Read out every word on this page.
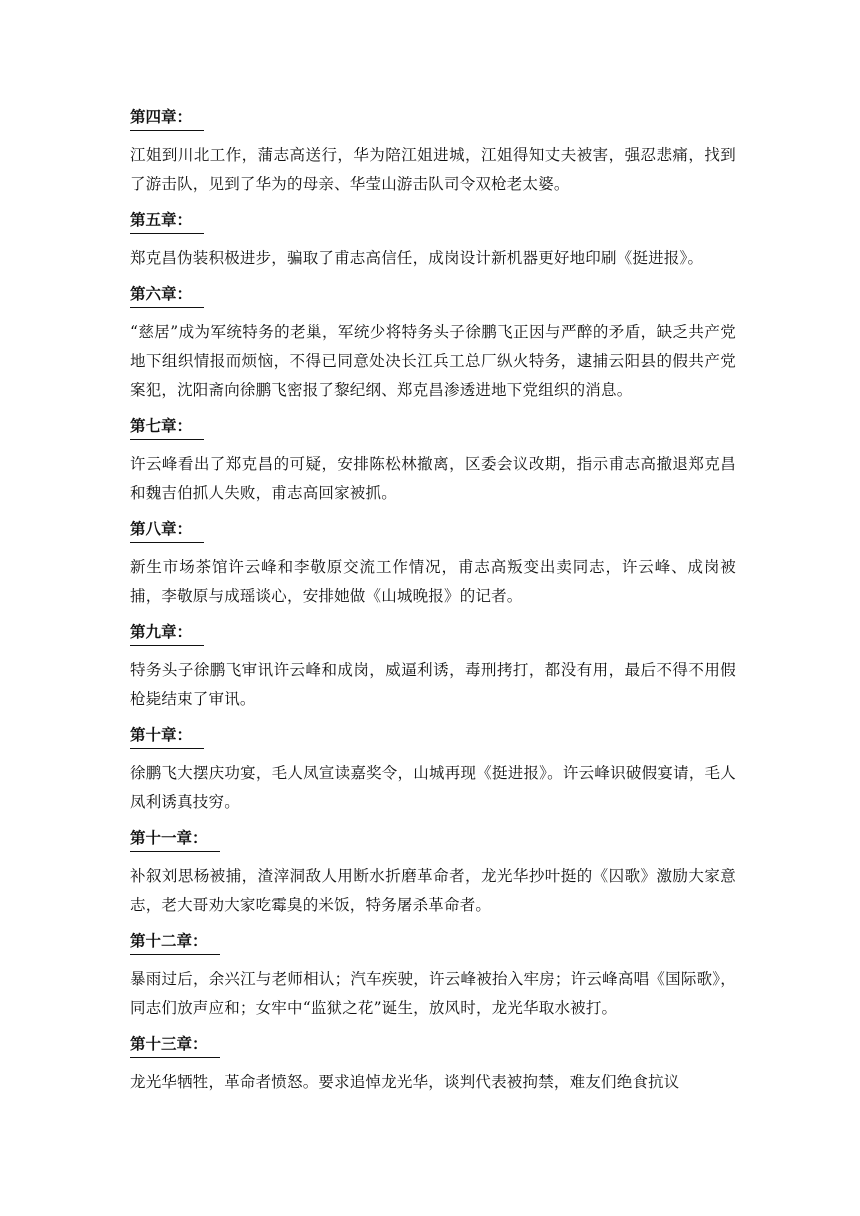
第四章：

江姐到川北工作，蒲志高送行，华为陪江姐进城，江姐得知丈夫被害，强忍悲痛，找到了游击队，见到了华为的母亲、华莹山游击队司令双枪老太婆。

第五章：

郑克昌伪装积极进步，骗取了甫志高信任，成岗设计新机器更好地印刷《挺进报》。

第六章：

“慈居”成为军统特务的老巢，军统少将特务头子徐鹏飞正因与严醉的矛盾，缺乏共产党地下组织情报而烦恼，不得已同意处决长江兵工总厂纵火特务，逮捕云阳县的假共产党案犯，沈阳斋向徐鹏飞密报了黎纪纲、郑克昌渗透进地下党组织的消息。

第七章：

许云峰看出了郑克昌的可疑，安排陈松林撤离，区委会议改期，指示甫志高撤退郑克昌和魏吉伯抓人失败，甫志高回家被抓。

第八章：

新生市场茶馆许云峰和李敬原交流工作情况，甫志高叛变出卖同志，许云峰、成岗被捕，李敬原与成瑶谈心，安排她做《山城晚报》的记者。

第九章：

特务头子徐鹏飞审讯许云峰和成岗，威逼利诱，毒刑拷打，都没有用，最后不得不用假枪毙结束了审讯。

第十章：

徐鹏飞大摆庆功宴，毛人凤宣读嘉奖令，山城再现《挺进报》。许云峰识破假宴请，毛人凤利诱真技穷。

第十一章：

补叙刘思杨被捕，渣滓洞敌人用断水折磨革命者，龙光华抄叶挺的《囚歌》激励大家意志，老大哥劝大家吃霉臭的米饭，特务屠杀革命者。

第十二章：

暴雨过后，余兴江与老师相认；汽车疾驶，许云峰被抬入牢房；许云峰高唱《国际歌》，同志们放声应和；女牢中“监狱之花”诞生，放风时，龙光华取水被打。

第十三章：

龙光华牺牲，革命者愤怒。要求追悼龙光华，谈判代表被拘禁，难友们绝食抗议
